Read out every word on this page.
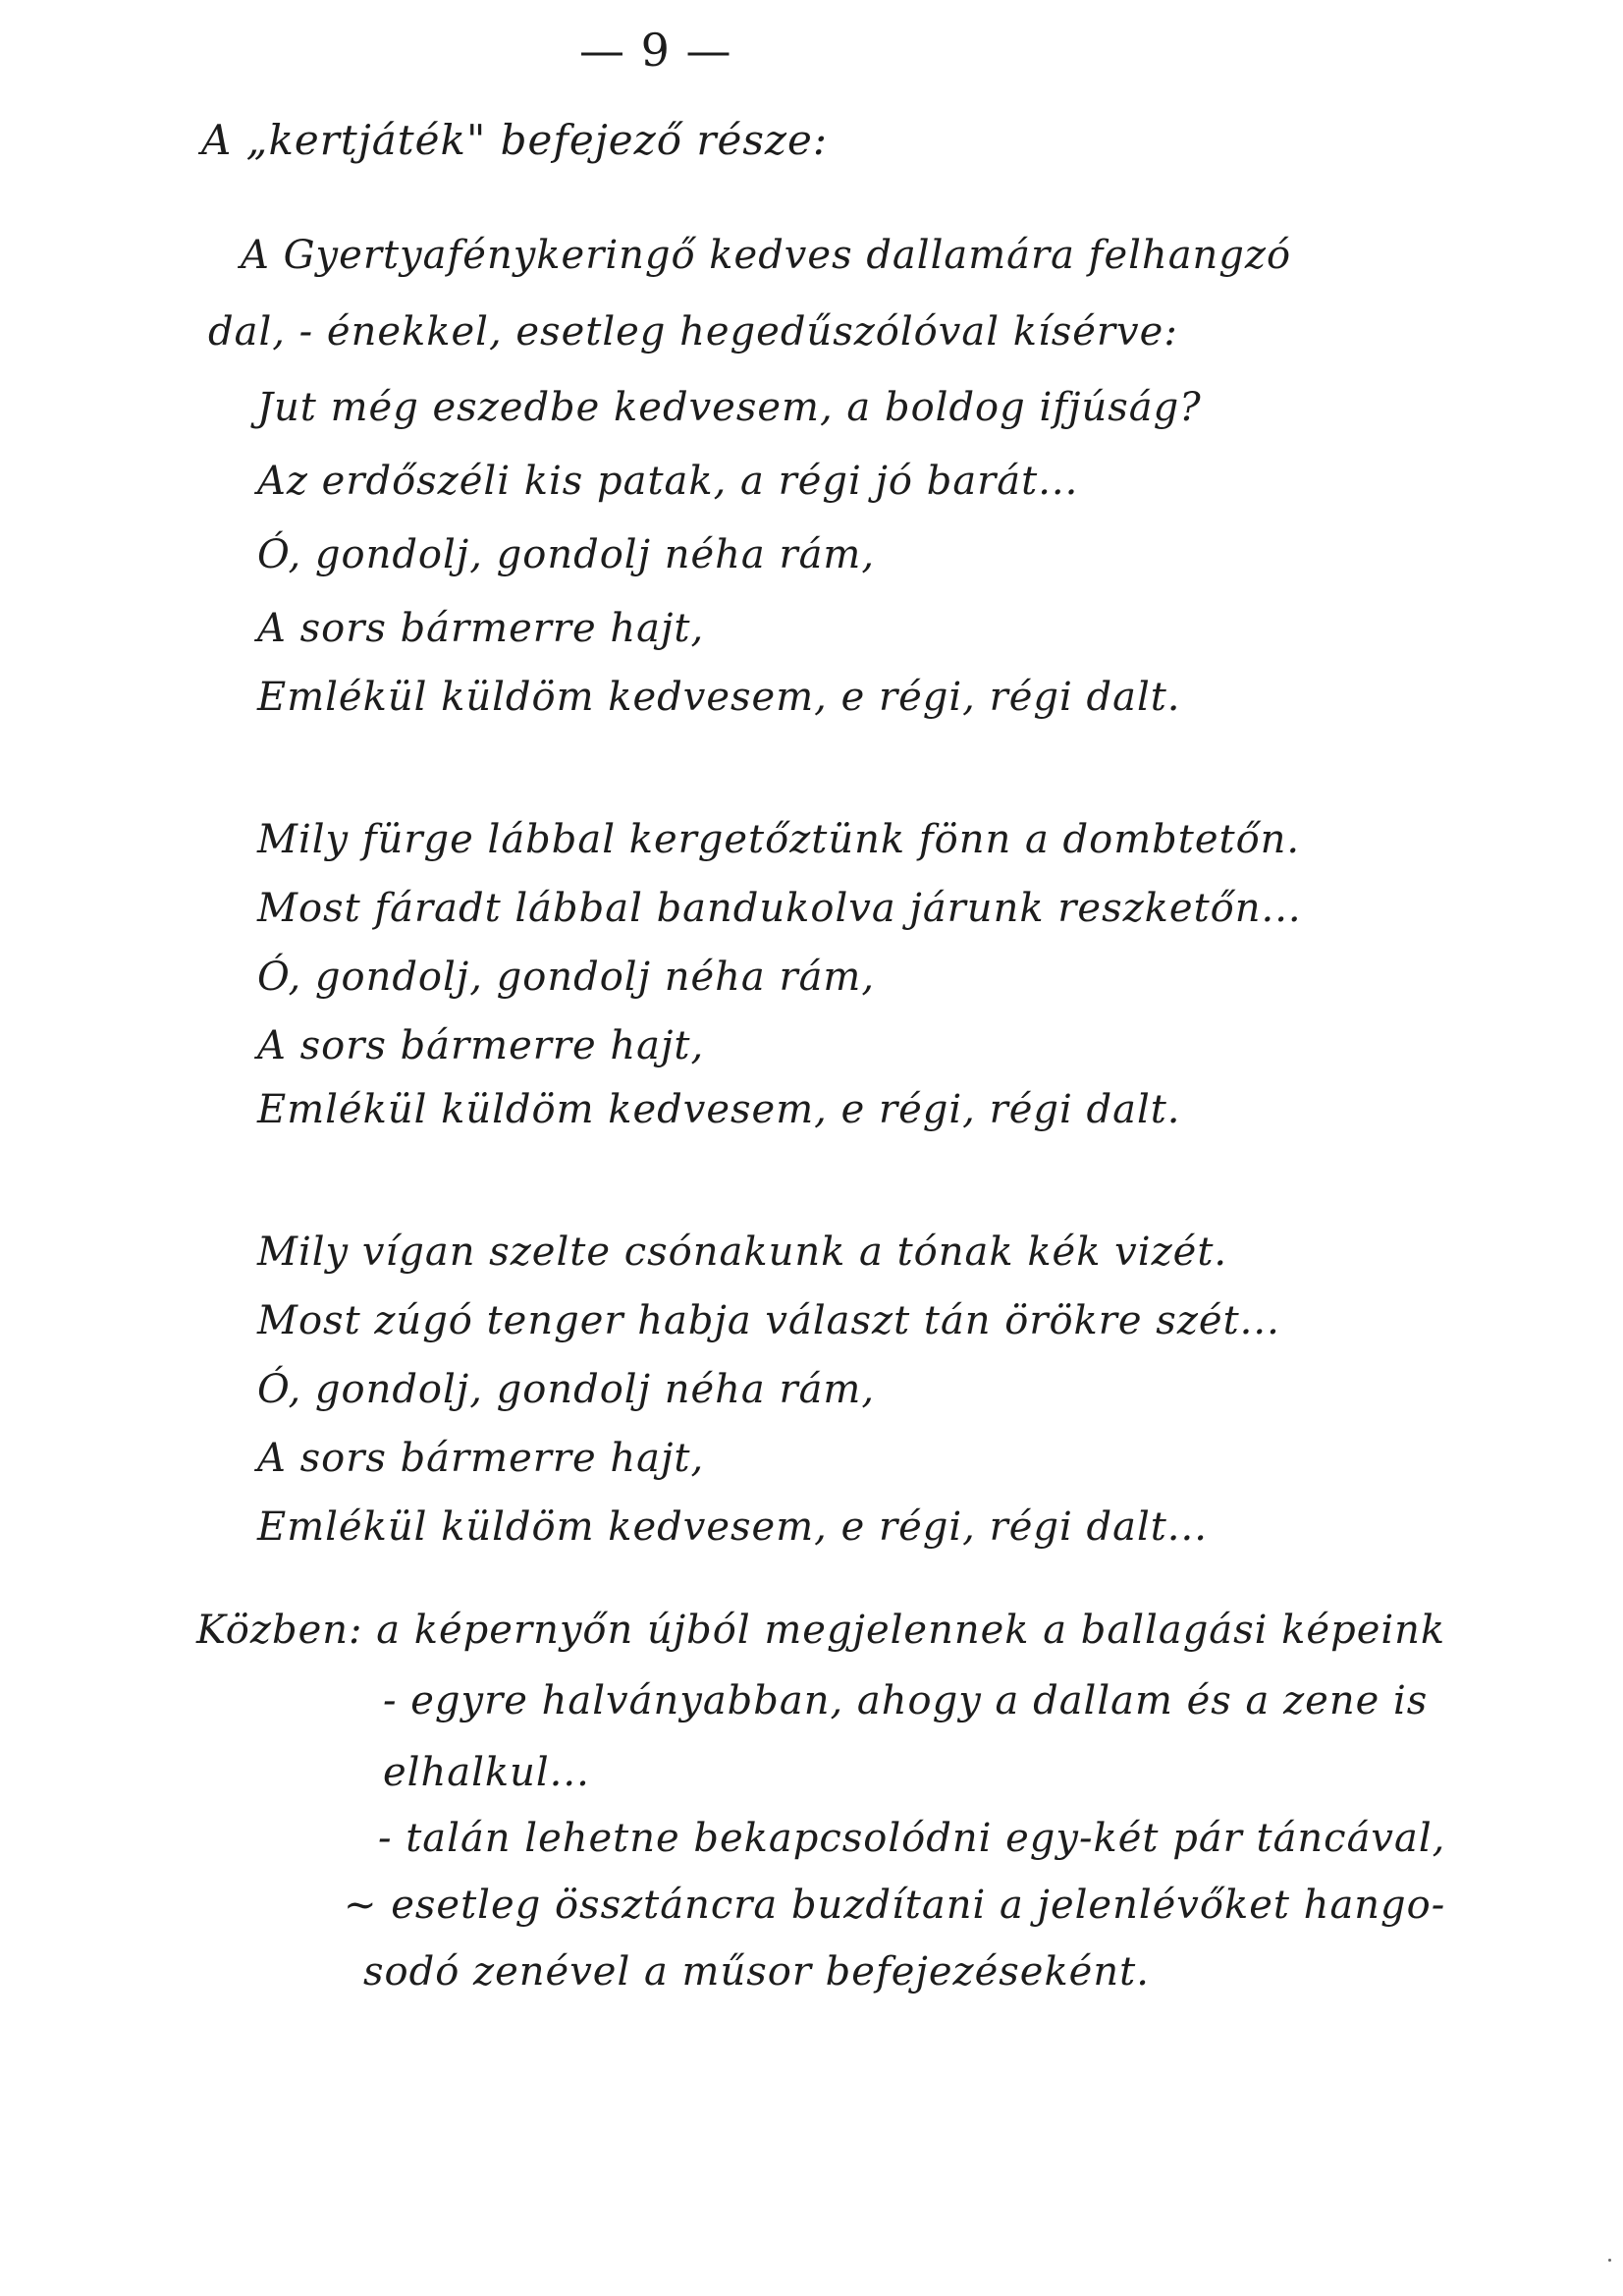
— 9 —
A „kertjáték" befejező része:
A Gyertyafénykeringő kedves dallamára felhangzó
dal, - énekkel, esetleg hegedűszólóval kísérve:
Jut még eszedbe kedvesem, a boldog ifjúság?
Az erdőszéli kis patak, a régi jó barát...
Ó, gondolj, gondolj néha rám,
A sors bármerre hajt,
Emlékül küldöm kedvesem, e régi, régi dalt.
Mily fürge lábbal kergetőztünk fönn a dombtetőn.
Most fáradt lábbal bandukolva járunk reszketőn...
Ó, gondolj, gondolj néha rám,
A sors bármerre hajt,
Emlékül küldöm kedvesem, e régi, régi dalt.
Mily vígan szelte csónakunk a tónak kék vizét.
Most zúgó tenger habja választ tán örökre szét...
Ó, gondolj, gondolj néha rám,
A sors bármerre hajt,
Emlékül küldöm kedvesem, e régi, régi dalt...
Közben: a képernyőn újból megjelennek a ballagási képeink
- egyre halványabban, ahogy a dallam és a zene is
elhalkul...
- talán lehetne bekapcsolódni egy-két pár táncával,
~ esetleg össztáncra buzdítani a jelenlévőket hango-
sodó zenével a műsor befejezéseként.
